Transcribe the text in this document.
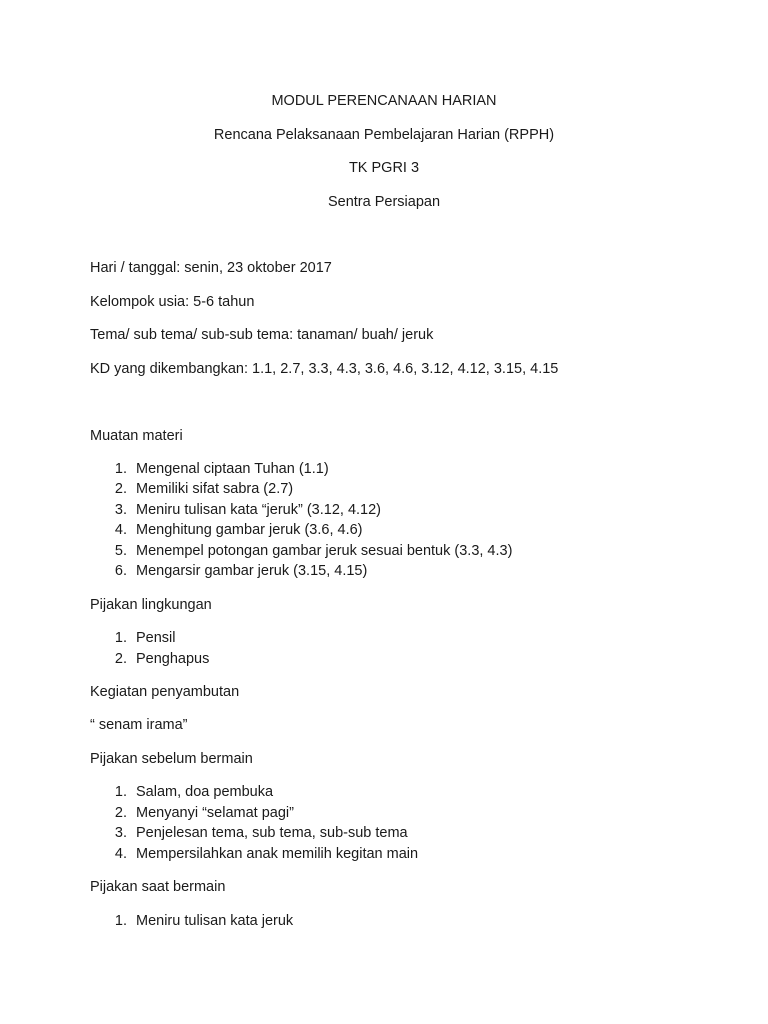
MODUL PERENCANAAN HARIAN
Rencana Pelaksanaan Pembelajaran Harian (RPPH)
TK PGRI 3
Sentra Persiapan
Hari / tanggal: senin, 23 oktober 2017
Kelompok usia: 5-6 tahun
Tema/ sub tema/ sub-sub tema: tanaman/ buah/ jeruk
KD yang dikembangkan: 1.1, 2.7, 3.3, 4.3, 3.6, 4.6, 3.12, 4.12, 3.15, 4.15
Muatan materi
1. Mengenal ciptaan Tuhan (1.1)
2. Memiliki sifat sabra (2.7)
3. Meniru tulisan kata “jeruk” (3.12, 4.12)
4. Menghitung gambar jeruk (3.6, 4.6)
5. Menempel potongan gambar jeruk sesuai bentuk (3.3, 4.3)
6. Mengarsir gambar jeruk (3.15, 4.15)
Pijakan lingkungan
1. Pensil
2. Penghapus
Kegiatan penyambutan
“ senam irama”
Pijakan sebelum bermain
1. Salam, doa pembuka
2. Menyanyi “selamat pagi”
3. Penjelesan tema, sub tema, sub-sub tema
4. Mempersilahkan anak memilih kegitan main
Pijakan saat bermain
1. Meniru tulisan kata jeruk
